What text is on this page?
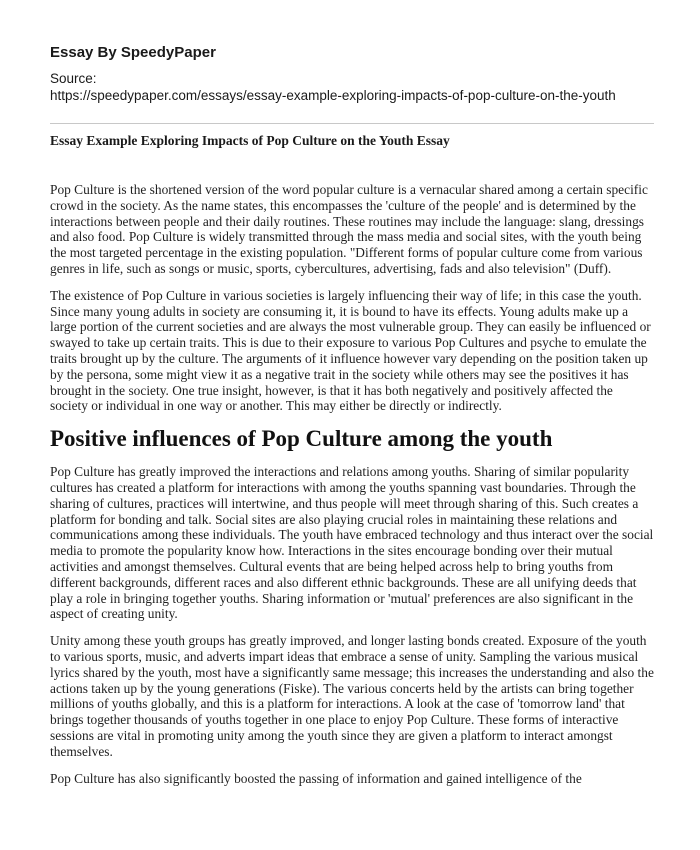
Essay By SpeedyPaper
Source:
https://speedypaper.com/essays/essay-example-exploring-impacts-of-pop-culture-on-the-youth
Essay Example Exploring Impacts of Pop Culture on the Youth Essay

Pop Culture is the shortened version of the word popular culture is a vernacular shared among a certain specific crowd in the society. As the name states, this encompasses the 'culture of the people' and is determined by the interactions between people and their daily routines. These routines may include the language: slang, dressings and also food. Pop Culture is widely transmitted through the mass media and social sites, with the youth being the most targeted percentage in the existing population. "Different forms of popular culture come from various genres in life, such as songs or music, sports, cybercultures, advertising, fads and also television" (Duff).

The existence of Pop Culture in various societies is largely influencing their way of life; in this case the youth. Since many young adults in society are consuming it, it is bound to have its effects. Young adults make up a large portion of the current societies and are always the most vulnerable group. They can easily be influenced or swayed to take up certain traits. This is due to their exposure to various Pop Cultures and psyche to emulate the traits brought up by the culture. The arguments of it influence however vary depending on the position taken up by the persona, some might view it as a negative trait in the society while others may see the positives it has brought in the society. One true insight, however, is that it has both negatively and positively affected the society or individual in one way or another. This may either be directly or indirectly.

Positive influences of Pop Culture among the youth

Pop Culture has greatly improved the interactions and relations among youths. Sharing of similar popularity cultures has created a platform for interactions with among the youths spanning vast boundaries. Through the sharing of cultures, practices will intertwine, and thus people will meet through sharing of this. Such creates a platform for bonding and talk. Social sites are also playing crucial roles in maintaining these relations and communications among these individuals. The youth have embraced technology and thus interact over the social media to promote the popularity know how. Interactions in the sites encourage bonding over their mutual activities and amongst themselves. Cultural events that are being helped across help to bring youths from different backgrounds, different races and also different ethnic backgrounds. These are all unifying deeds that play a role in bringing together youths. Sharing information or 'mutual' preferences are also significant in the aspect of creating unity.

Unity among these youth groups has greatly improved, and longer lasting bonds created. Exposure of the youth to various sports, music, and adverts impart ideas that embrace a sense of unity. Sampling the various musical lyrics shared by the youth, most have a significantly same message; this increases the understanding and also the actions taken up by the young generations (Fiske). The various concerts held by the artists can bring together millions of youths globally, and this is a platform for interactions. A look at the case of 'tomorrow land' that brings together thousands of youths together in one place to enjoy Pop Culture. These forms of interactive sessions are vital in promoting unity among the youth since they are given a platform to interact amongst themselves.

Pop Culture has also significantly boosted the passing of information and gained intelligence of the
